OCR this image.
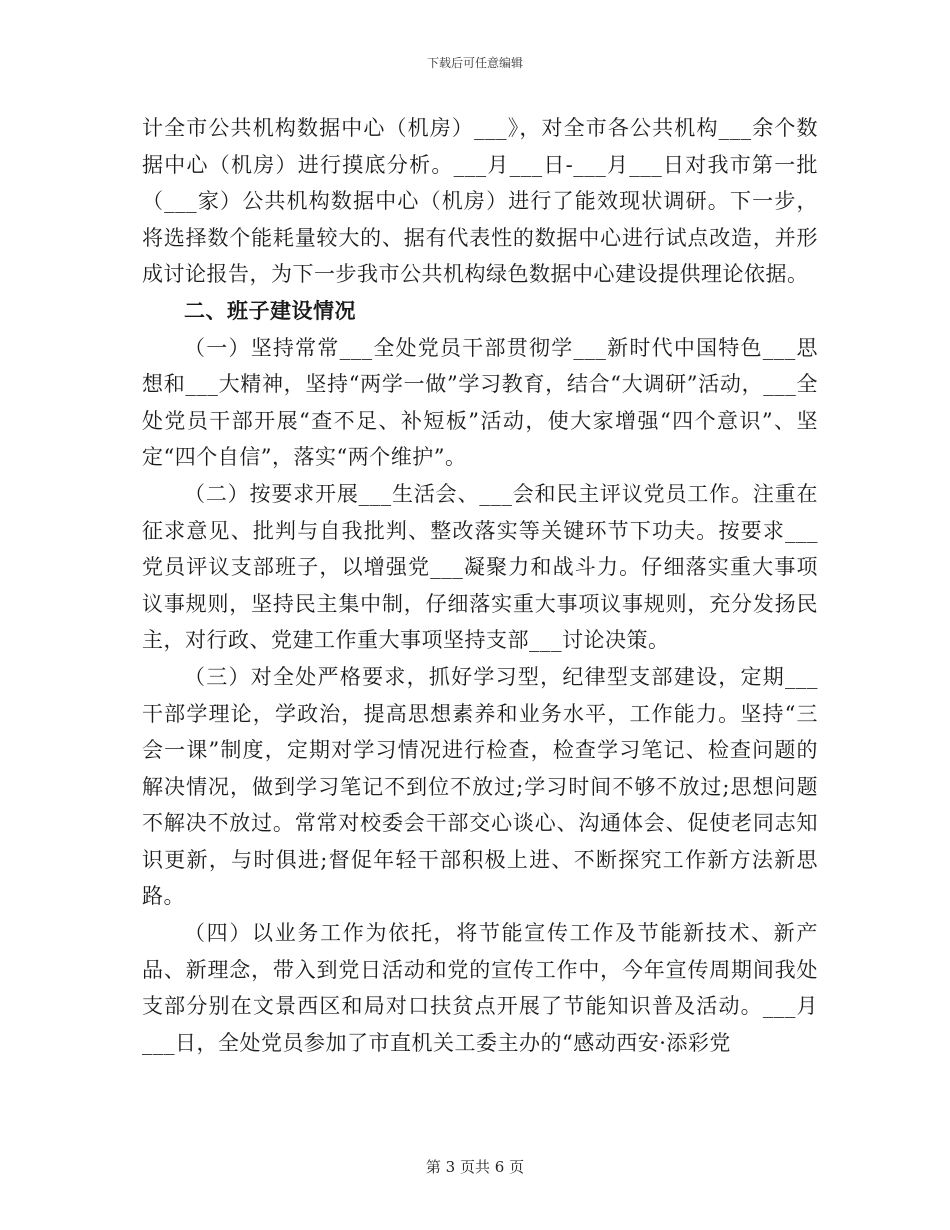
下载后可任意编辑

计全市公共机构数据中心（机房）___》，对全市各公共机构___余个数据中心（机房）进行摸底分析。___月___日-___月___日对我市第一批（___家）公共机构数据中心（机房）进行了能效现状调研。下一步，将选择数个能耗量较大的、据有代表性的数据中心进行试点改造，并形成讨论报告，为下一步我市公共机构绿色数据中心建设提供理论依据。

二、班子建设情况

（一）坚持常常___全处党员干部贯彻学___新时代中国特色___思想和___大精神，坚持“两学一做”学习教育，结合“大调研”活动，___全处党员干部开展“查不足、补短板”活动，使大家增强“四个意识”、坚定“四个自信”，落实“两个维护”。

（二）按要求开展___生活会、___会和民主评议党员工作。注重在征求意见、批判与自我批判、整改落实等关键环节下功夫。按要求___党员评议支部班子，以增强党___凝聚力和战斗力。仔细落实重大事项议事规则，坚持民主集中制，仔细落实重大事项议事规则，充分发扬民主，对行政、党建工作重大事项坚持支部___讨论决策。

（三）对全处严格要求，抓好学习型，纪律型支部建设，定期___干部学理论，学政治，提高思想素养和业务水平，工作能力。坚持“三会一课”制度，定期对学习情况进行检查，检查学习笔记、检查问题的解决情况，做到学习笔记不到位不放过;学习时间不够不放过;思想问题不解决不放过。常常对校委会干部交心谈心、沟通体会、促使老同志知识更新，与时俱进;督促年轻干部积极上进、不断探究工作新方法新思路。

（四）以业务工作为依托，将节能宣传工作及节能新技术、新产品、新理念，带入到党日活动和党的宣传工作中，今年宣传周期间我处支部分别在文景西区和局对口扶贫点开展了节能知识普及活动。___月___日，全处党员参加了市直机关工委主办的“感动西安·添彩党

第 3 页共 6 页
